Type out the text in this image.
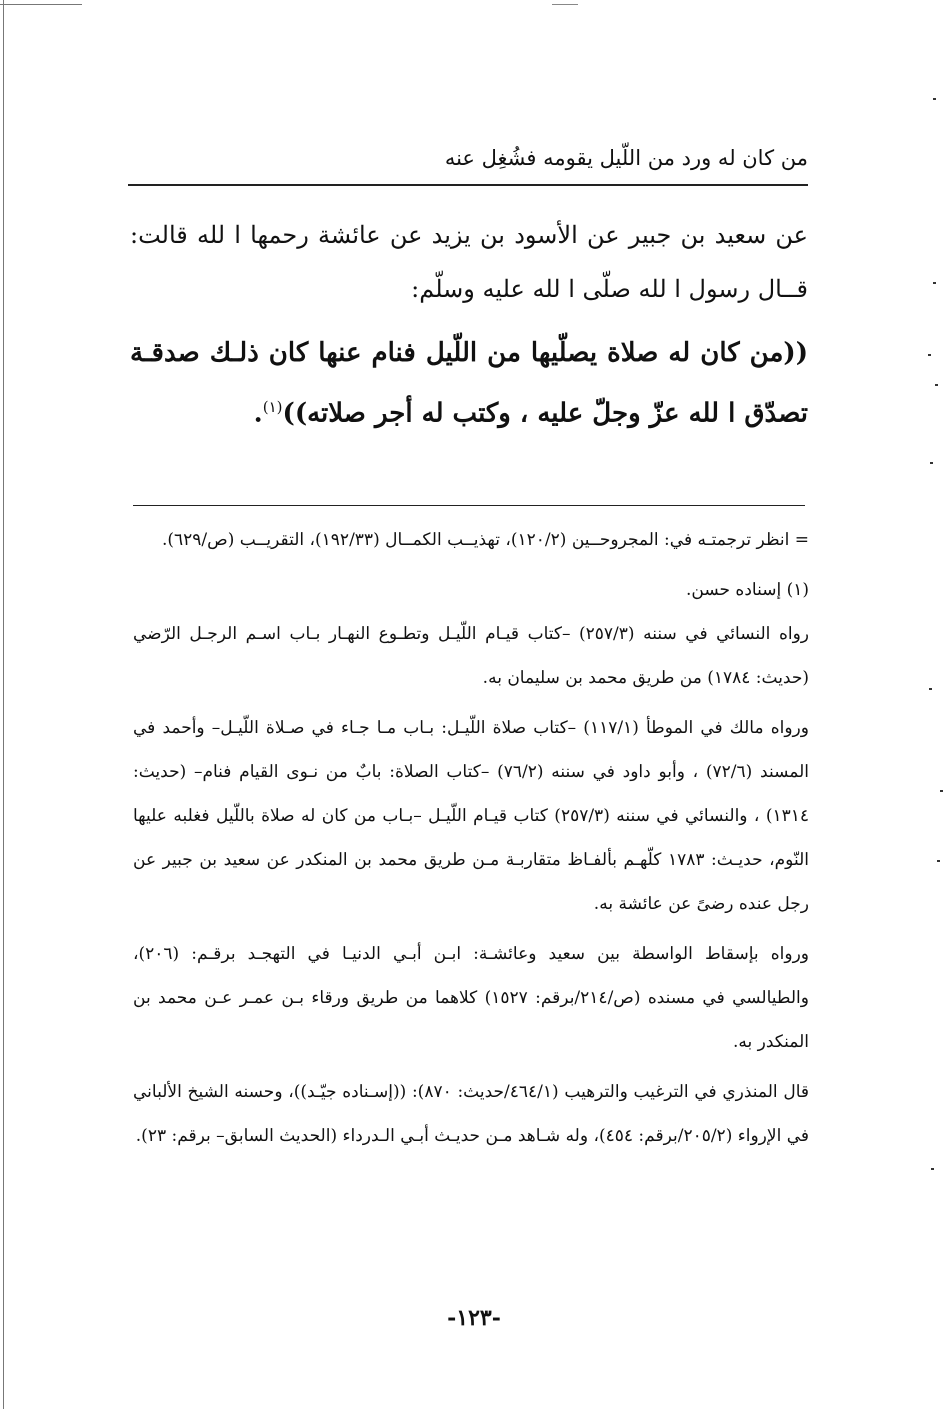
من كان له ورد من اللّيل يقومه فشُغِل عنه

عن سعيد بن جبير عن الأسود بن يزيد عن عائشة رحمها ا لله قالت: قــال رسول ا لله صلّى ا لله عليه وسلّم:

((من كان له صلاة يصلّيها من اللّيل فنام عنها كان ذلـك صدقـة تصدّق ا لله عزّ وجلّ عليه ، وكتب له أجر صلاته))$^{(١)}$.

= انظر ترجمتـه في: المجروحــين (١٢٠/٢)، تهذيــب الكمــال (١٩٢/٣٣)، التقريــب (ص/٦٢٩).

(١) إسناده حسن.

رواه النسائي في سننه (٢٥٧/٣) –كتاب قيـام اللّيـل وتطـوع النهـار بـاب اسـم الرجـل الرّضي (حديث: ١٧٨٤) من طريق محمد بن سليمان به.

ورواه مالك في الموطأ (١١٧/١) –كتاب صلاة اللّيـل: بـاب مـا جـاء في صـلاة اللّيـل– وأحمد في المسند (٧٢/٦) ، وأبو داود في سننه (٧٦/٢) –كتاب الصلاة: بابٌ من نـوى القيام فنام– (حديث: ١٣١٤) ، والنسائي في سننه (٢٥٧/٣) كتاب قيـام اللّيـل –بـاب من كان له صلاة باللّيل فغلبه عليها النّوم، حديـث: ١٧٨٣ كلّهـم بألفـاظ متقاربـة مـن طريق محمد بن المنكدر عن سعيد بن جبير عن رجل عنده رضىً عن عائشة به.

ورواه بإسقاط الواسطة بين سعيد وعائشـة: ابـن أبـي الدنيـا في التهجـد برقـم: (٢٠٦)، والطيالسي في مسنده (ص/٢١٤/برقم: ١٥٢٧) كلاهما من طريق ورقاء بـن عمـر عـن محمد بن المنكدر به.

قال المنذري في الترغيب والترهيب (٤٦٤/١/حديث: ٨٧٠): ((إسـناده جيّـد))، وحسنه الشيخ الألباني في الإرواء (٢٠٥/٢/برقم: ٤٥٤)، وله شـاهد مـن حديـث أبـي الـدرداء (الحديث السابق– برقم: ٢٣).

-١٢٣-
